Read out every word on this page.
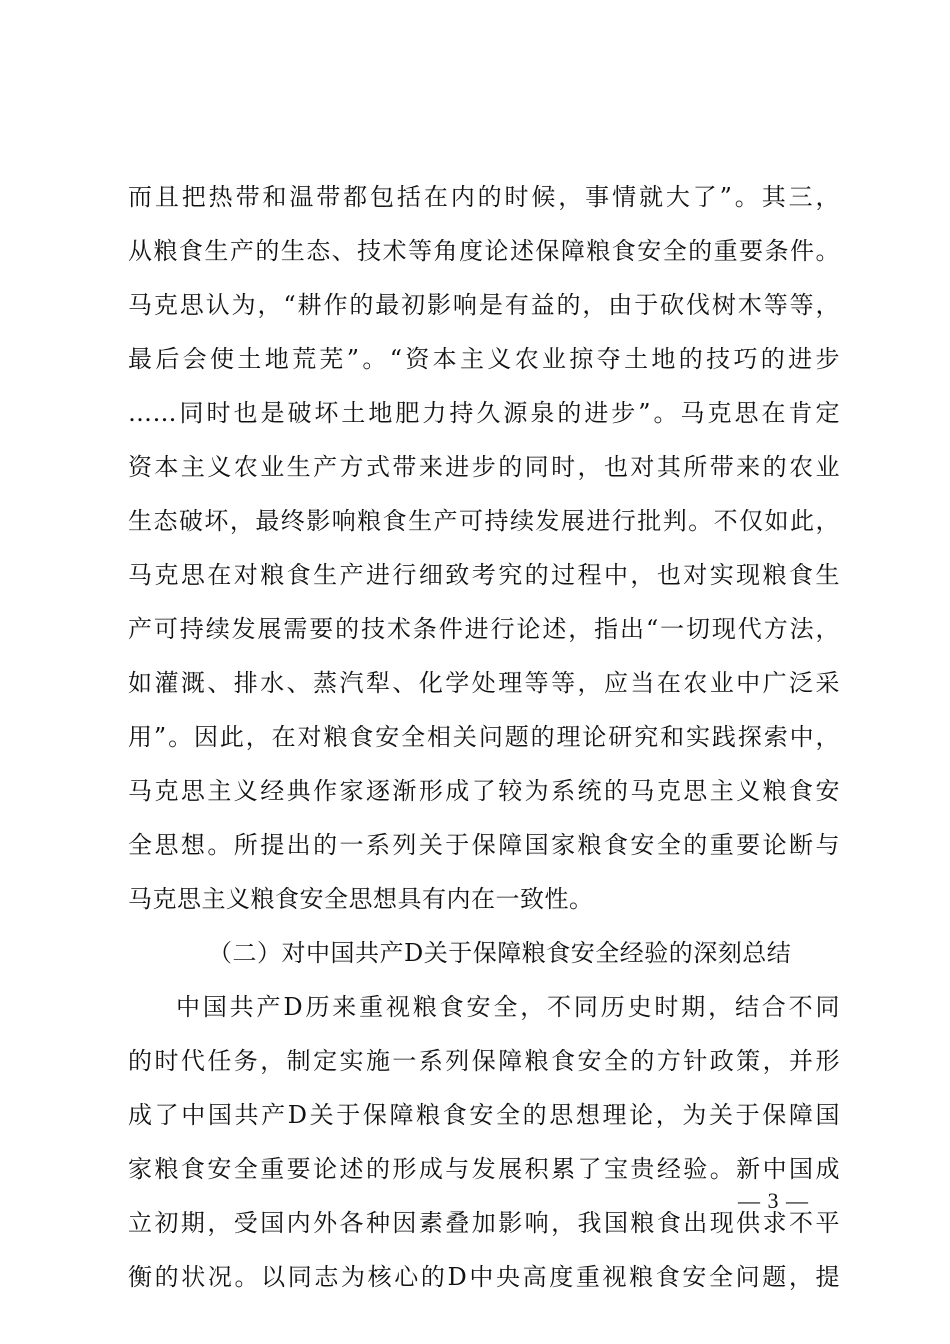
而且把热带和温带都包括在内的时候，事情就大了”。其三，
从粮食生产的生态、技术等角度论述保障粮食安全的重要条件。
马克思认为，“耕作的最初影响是有益的，由于砍伐树木等等，
最后会使土地荒芜”。“资本主义农业掠夺土地的技巧的进步
……同时也是破坏土地肥力持久源泉的进步”。马克思在肯定
资本主义农业生产方式带来进步的同时，也对其所带来的农业
生态破坏，最终影响粮食生产可持续发展进行批判。不仅如此，
马克思在对粮食生产进行细致考究的过程中，也对实现粮食生
产可持续发展需要的技术条件进行论述，指出“一切现代方法，
如灌溉、排水、蒸汽犁、化学处理等等，应当在农业中广泛采
用”。因此，在对粮食安全相关问题的理论研究和实践探索中，
马克思主义经典作家逐渐形成了较为系统的马克思主义粮食安
全思想。所提出的一系列关于保障国家粮食安全的重要论断与
马克思主义粮食安全思想具有内在一致性。
（二）对中国共产D关于保障粮食安全经验的深刻总结
中国共产D历来重视粮食安全，不同历史时期，结合不同
的时代任务，制定实施一系列保障粮食安全的方针政策，并形
成了中国共产D关于保障粮食安全的思想理论，为关于保障国
家粮食安全重要论述的形成与发展积累了宝贵经验。新中国成
立初期，受国内外各种因素叠加影响，我国粮食出现供求不平
衡的状况。以同志为核心的D中央高度重视粮食安全问题，提
— 3 —
